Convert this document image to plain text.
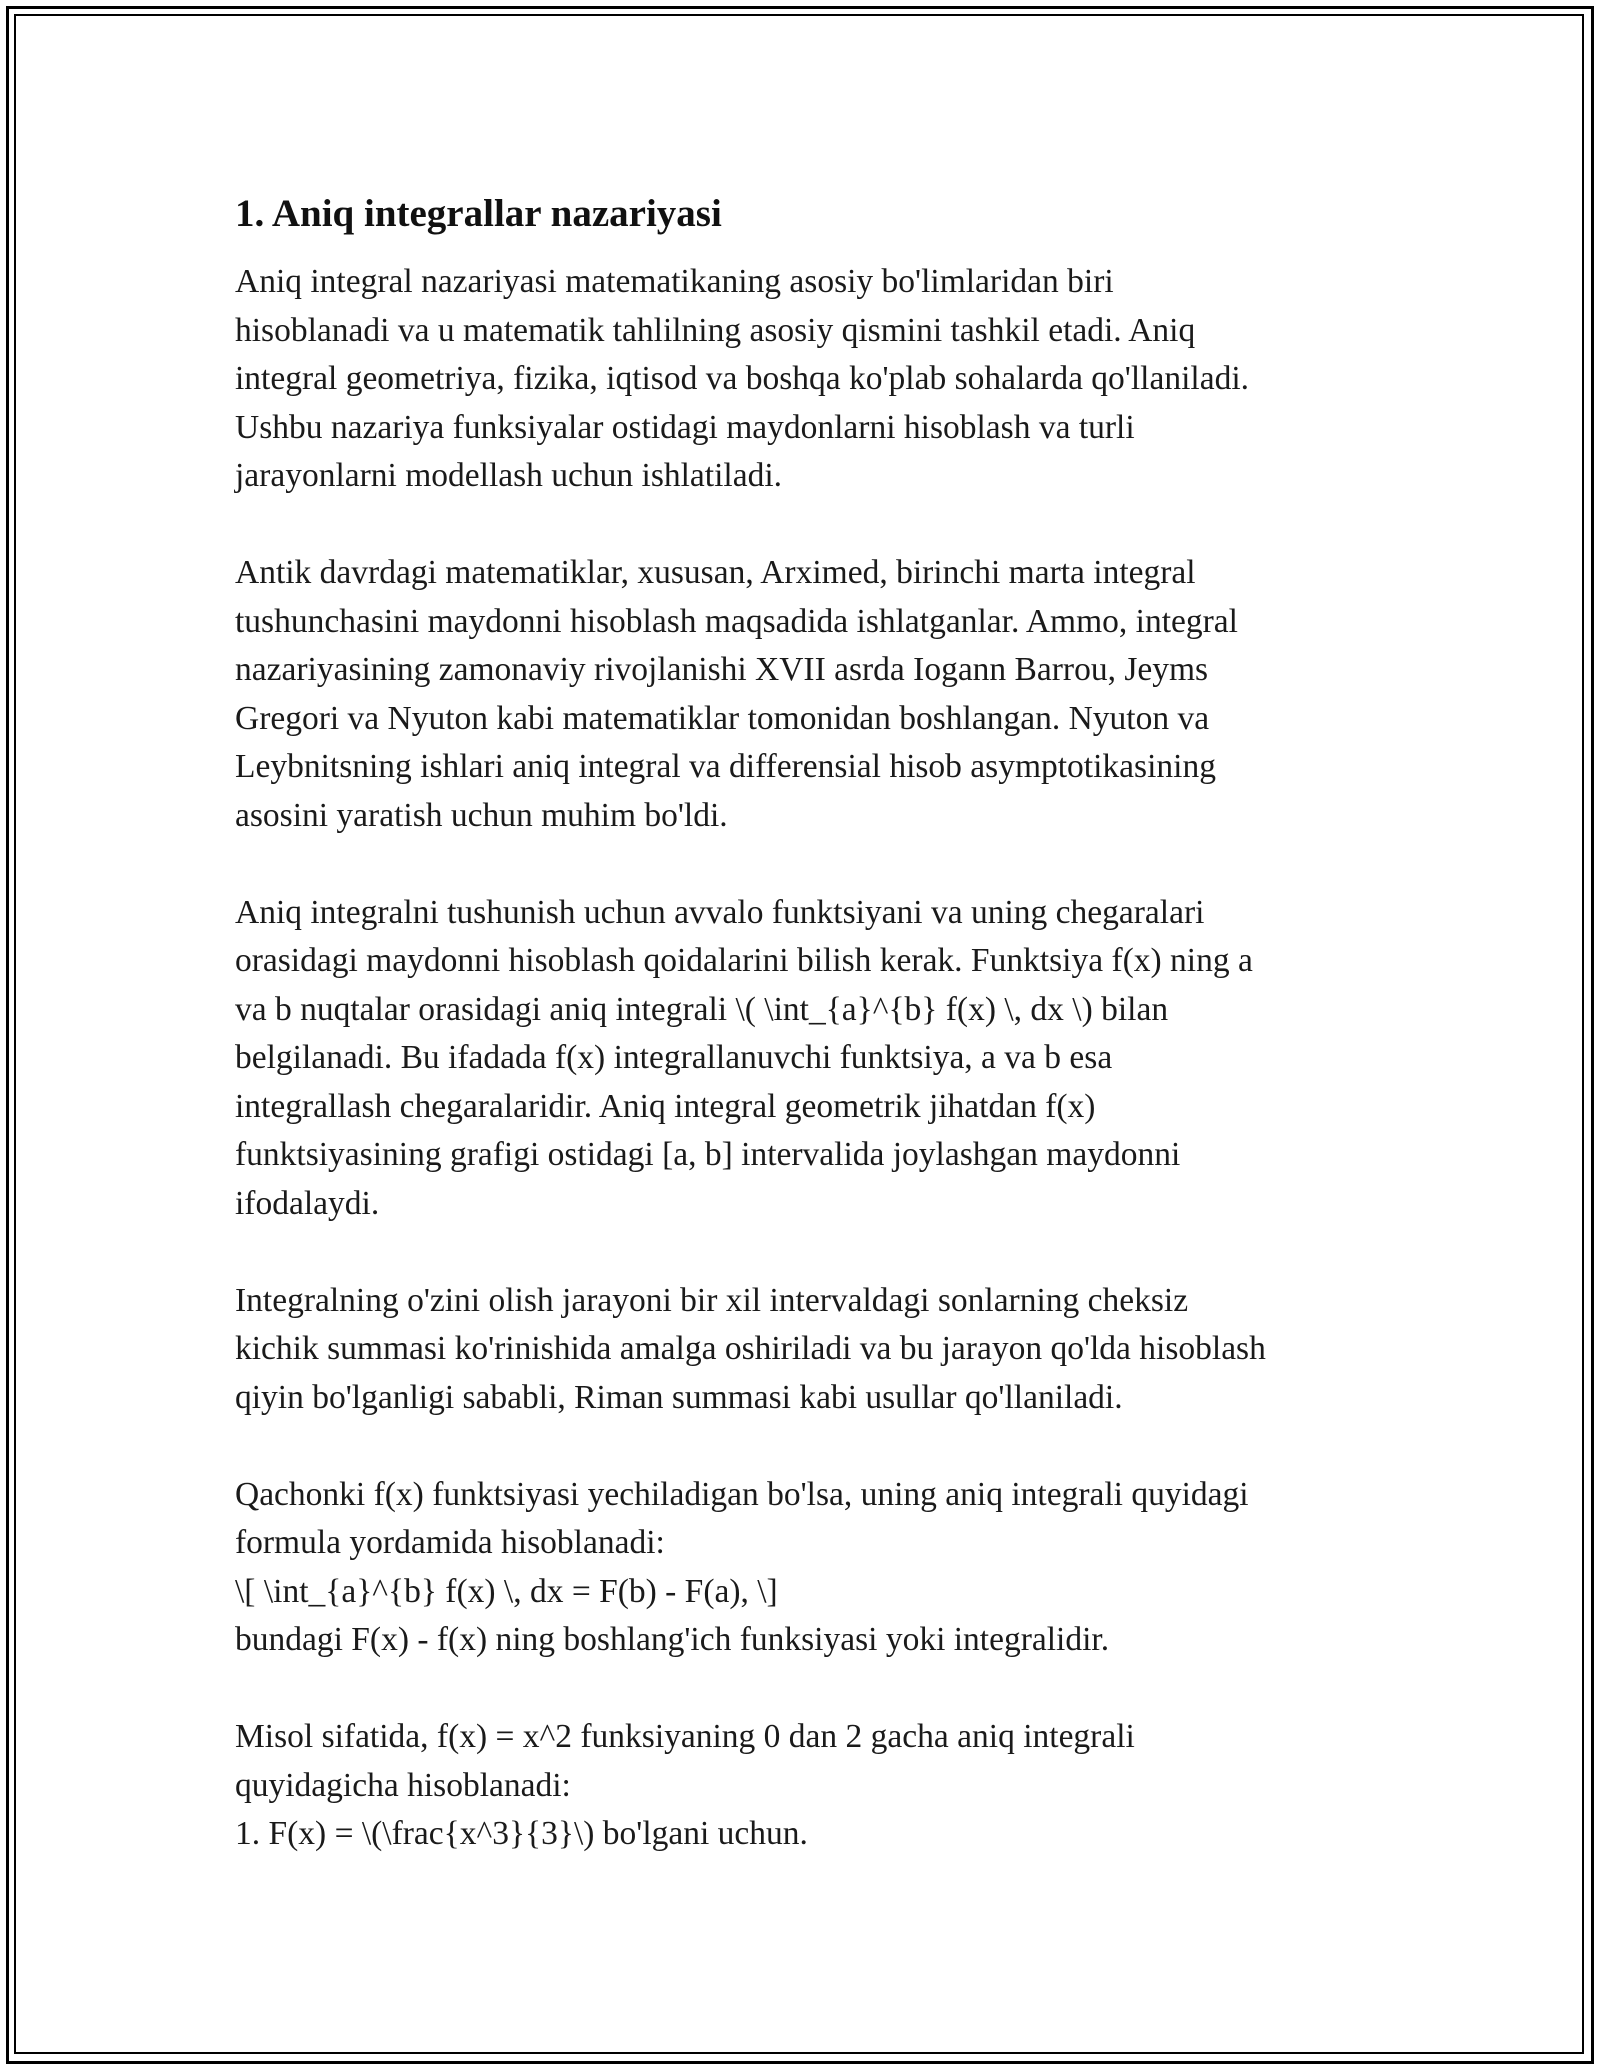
1. Aniq integrallar nazariyasi
Aniq integral nazariyasi matematikaning asosiy bo'limlaridan biri
hisoblanadi va u matematik tahlilning asosiy qismini tashkil etadi. Aniq
integral geometriya, fizika, iqtisod va boshqa ko'plab sohalarda qo'llaniladi.
Ushbu nazariya funksiyalar ostidagi maydonlarni hisoblash va turli
jarayonlarni modellash uchun ishlatiladi.
Antik davrdagi matematiklar, xususan, Arximed, birinchi marta integral
tushunchasini maydonni hisoblash maqsadida ishlatganlar. Ammo, integral
nazariyasining zamonaviy rivojlanishi XVII asrda Iogann Barrou, Jeyms
Gregori va Nyuton kabi matematiklar tomonidan boshlangan. Nyuton va
Leybnitsning ishlari aniq integral va differensial hisob asymptotikasining
asosini yaratish uchun muhim bo'ldi.
Aniq integralni tushunish uchun avvalo funktsiyani va uning chegaralari
orasidagi maydonni hisoblash qoidalarini bilish kerak. Funktsiya f(x) ning a
va b nuqtalar orasidagi aniq integrali \( \int_{a}^{b} f(x) \, dx \) bilan
belgilanadi. Bu ifadada f(x) integrallanuvchi funktsiya, a va b esa
integrallash chegaralaridir. Aniq integral geometrik jihatdan f(x)
funktsiyasining grafigi ostidagi [a, b] intervalida joylashgan maydonni
ifodalaydi.
Integralning o'zini olish jarayoni bir xil intervaldagi sonlarning cheksiz
kichik summasi ko'rinishida amalga oshiriladi va bu jarayon qo'lda hisoblash
qiyin bo'lganligi sababli, Riman summasi kabi usullar qo'llaniladi.
Qachonki f(x) funktsiyasi yechiladigan bo'lsa, uning aniq integrali quyidagi
formula yordamida hisoblanadi:
\[ \int_{a}^{b} f(x) \, dx = F(b) - F(a), \]
bundagi F(x) - f(x) ning boshlang'ich funksiyasi yoki integralidir.
Misol sifatida, f(x) = x^2 funksiyaning 0 dan 2 gacha aniq integrali
quyidagicha hisoblanadi:
1. F(x) = \(\frac{x^3}{3}\) bo'lgani uchun.
